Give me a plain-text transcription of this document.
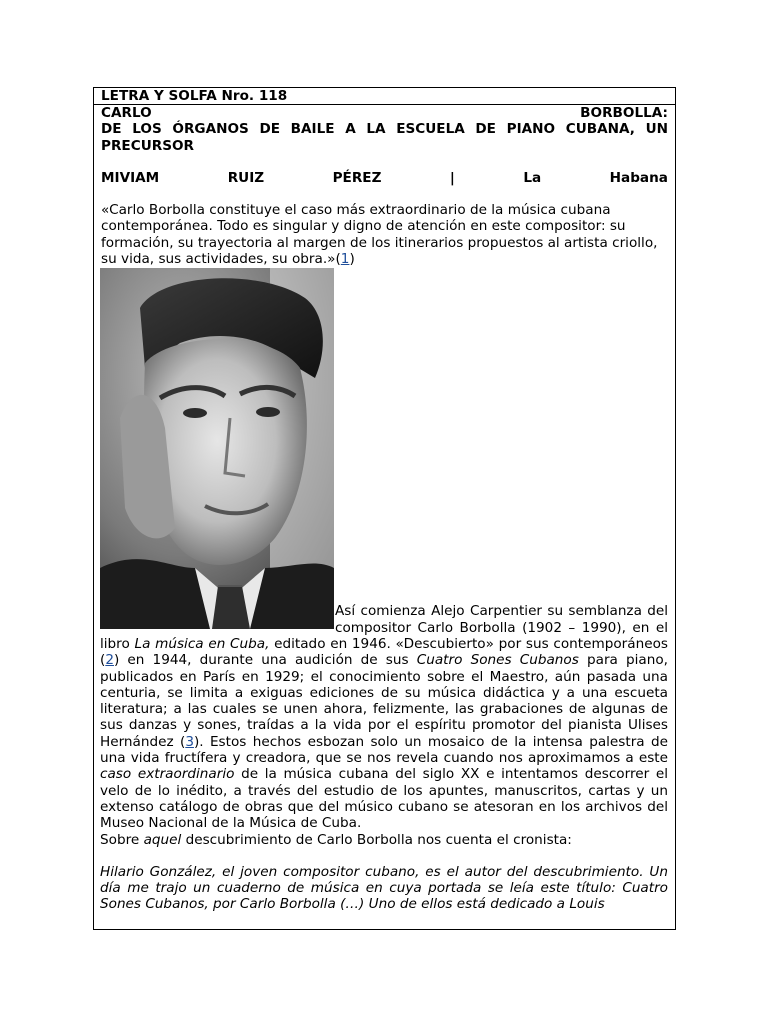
LETRA Y SOLFA Nro. 118
CARLO	BORBOLLA:
DE LOS ÓRGANOS DE BAILE A LA ESCUELA DE PIANO CUBANA, UN PRECURSOR
MIVIAM	RUIZ	PÉREZ	|	La	Habana

«Carlo Borbolla constituye el caso más extraordinario de la música cubana contemporánea. Todo es singular y digno de atención en este compositor: su formación, su trayectoria al margen de los itinerarios propuestos al artista criollo, su vida, sus actividades, su obra.»(1)

Así comienza Alejo Carpentier su semblanza del compositor Carlo Borbolla (1902 – 1990), en el libro La música en Cuba, editado en 1946. «Descubierto» por sus contemporáneos (2) en 1944, durante una audición de sus Cuatro Sones Cubanos para piano, publicados en París en 1929; el conocimiento sobre el Maestro, aún pasada una centuria, se limita a exiguas ediciones de su música didáctica y a una escueta literatura; a las cuales se unen ahora, felizmente, las grabaciones de algunas de sus danzas y sones, traídas a la vida por el espíritu promotor del pianista Ulises Hernández (3). Estos hechos esbozan solo un mosaico de la intensa palestra de una vida fructífera y creadora, que se nos revela cuando nos aproximamos a este caso extraordinario de la música cubana del siglo XX e intentamos descorrer el velo de lo inédito, a través del estudio de los apuntes, manuscritos, cartas y un extenso catálogo de obras que del músico cubano se atesoran en los archivos del Museo Nacional de la Música de Cuba.

Sobre aquel descubrimiento de Carlo Borbolla nos cuenta el cronista:

Hilario González, el joven compositor cubano, es el autor del descubrimiento. Un día me trajo un cuaderno de música en cuya portada se leía este título: Cuatro Sones Cubanos, por Carlo Borbolla (…) Uno de ellos está dedicado a Louis
